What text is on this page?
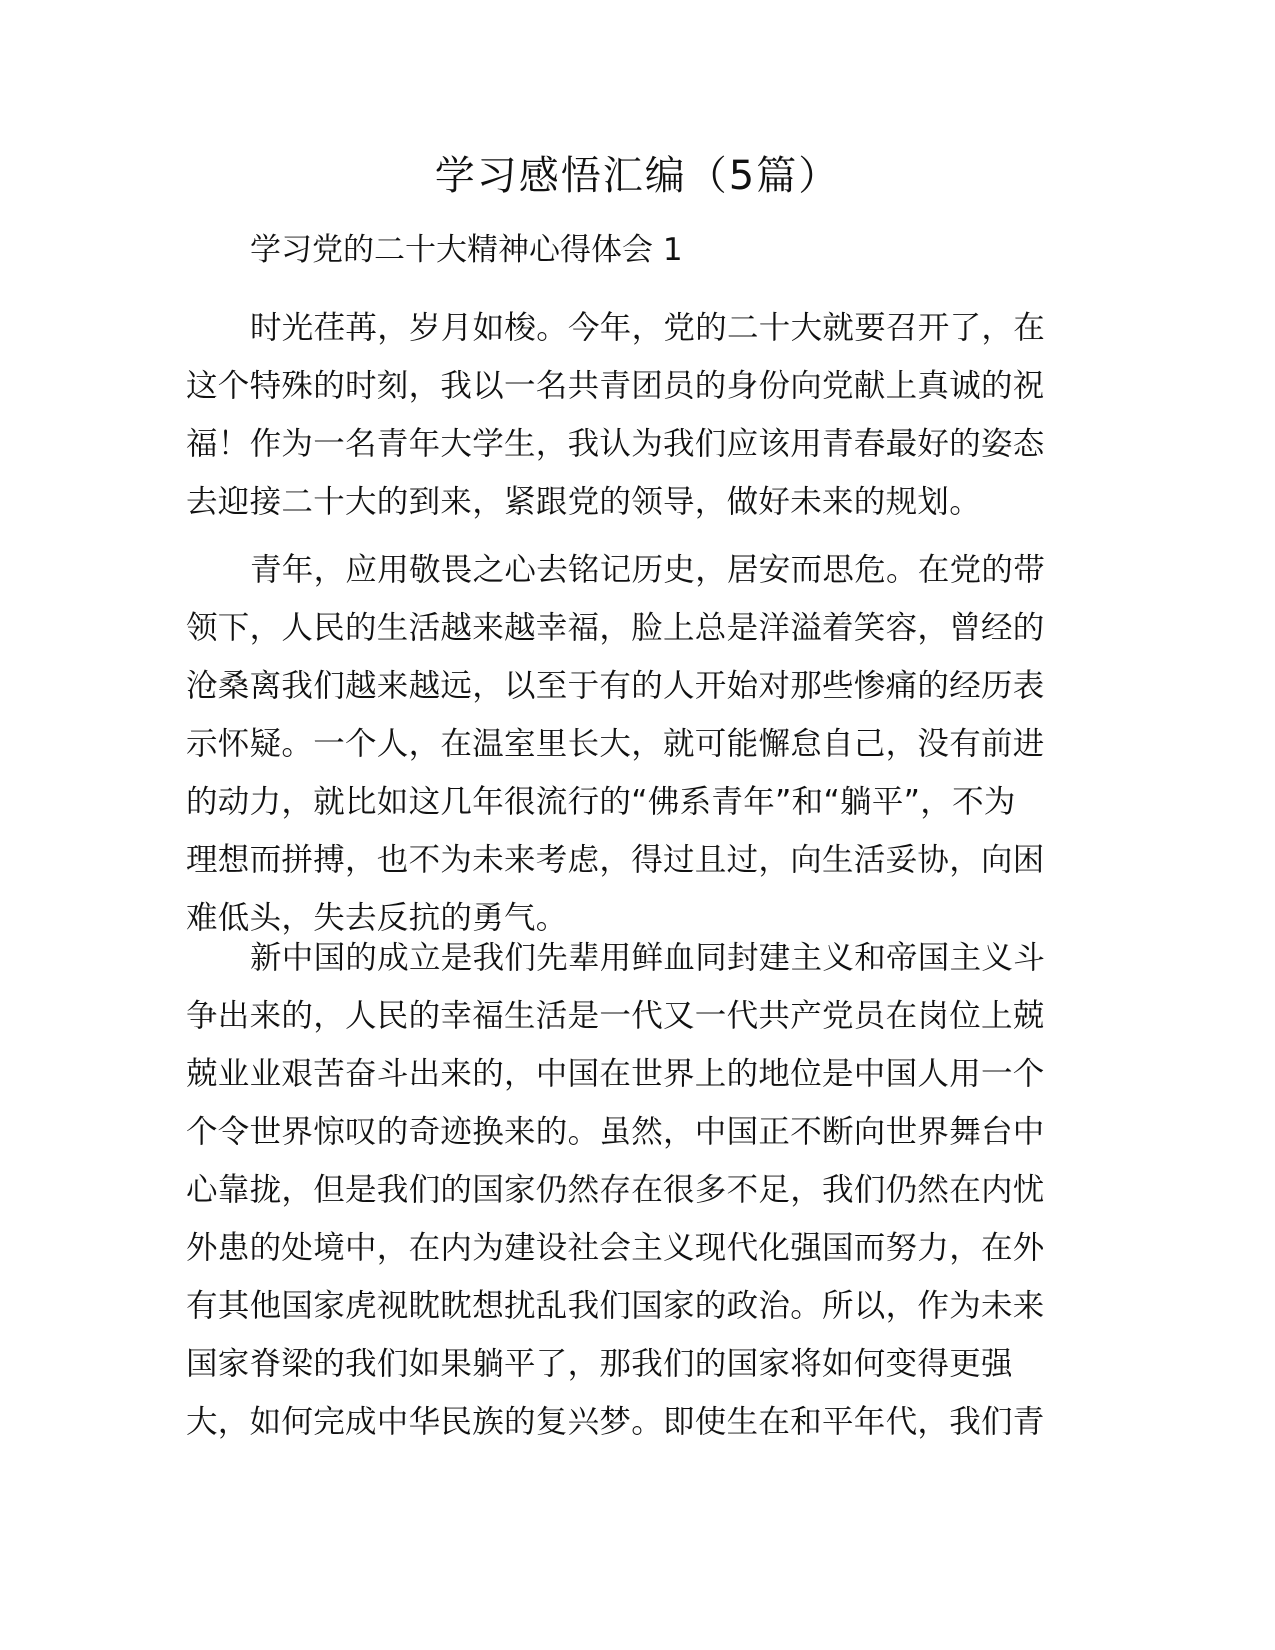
学习感悟汇编（5篇）
学习党的二十大精神心得体会 1
时光荏苒，岁月如梭。今年，党的二十大就要召开了，在
这个特殊的时刻，我以一名共青团员的身份向党献上真诚的祝
福！作为一名青年大学生，我认为我们应该用青春最好的姿态
去迎接二十大的到来，紧跟党的领导，做好未来的规划。
青年，应用敬畏之心去铭记历史，居安而思危。在党的带
领下，人民的生活越来越幸福，脸上总是洋溢着笑容，曾经的
沧桑离我们越来越远，以至于有的人开始对那些惨痛的经历表
示怀疑。一个人，在温室里长大，就可能懈怠自己，没有前进
的动力，就比如这几年很流行的“佛系青年”和“躺平”，不为
理想而拼搏，也不为未来考虑，得过且过，向生活妥协，向困
难低头，失去反抗的勇气。
新中国的成立是我们先辈用鲜血同封建主义和帝国主义斗
争出来的，人民的幸福生活是一代又一代共产党员在岗位上兢
兢业业艰苦奋斗出来的，中国在世界上的地位是中国人用一个
个令世界惊叹的奇迹换来的。虽然，中国正不断向世界舞台中
心靠拢，但是我们的国家仍然存在很多不足，我们仍然在内忧
外患的处境中，在内为建设社会主义现代化强国而努力，在外
有其他国家虎视眈眈想扰乱我们国家的政治。所以，作为未来
国家脊梁的我们如果躺平了，那我们的国家将如何变得更强
大，如何完成中华民族的复兴梦。即使生在和平年代，我们青
